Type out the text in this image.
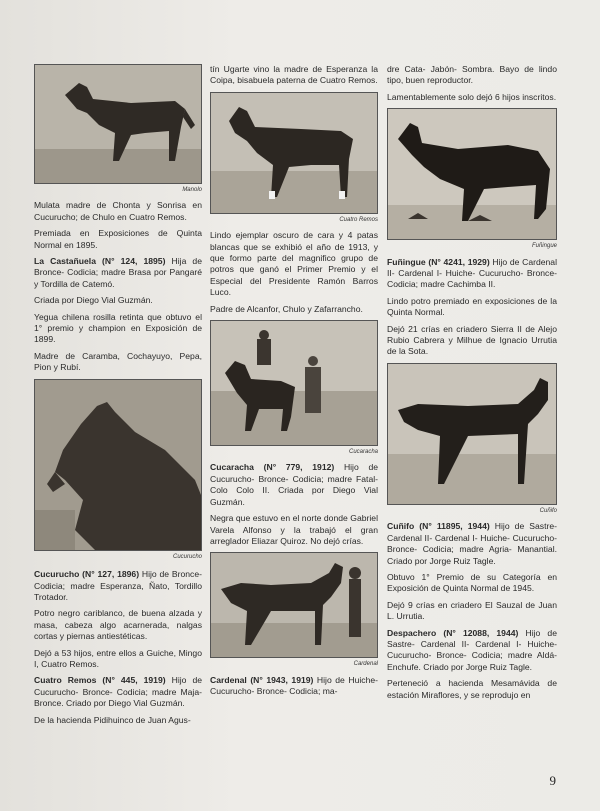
Manolo

Mulata madre de Chonta y Sonrisa en Cucurucho; de Chulo en Cuatro Remos.

Premiada en Exposiciones de Quinta Normal en 1895.

La Castañuela (N° 124, 1895) Hija de Bronce- Codicia; madre Brasa por Pangaré y Tordilla de Catemó.

Criada por Diego Vial Guzmán.

Yegua chilena rosilla retinta que obtuvo el 1° premio y champion en Exposición de 1899.

Madre de Caramba, Cochayuyo, Pepa, Pion y Rubí.

Cucurucho

Cucurucho (N° 127, 1896) Hijo de Bronce- Codicia; madre Esperanza, Ñato, Tordillo Trotador.

Potro negro cariblanco, de buena alzada y masa, cabeza algo acarnerada, nalgas cortas y piernas antiestéticas.

Dejó a 53 hijos, entre ellos a Guiche, Mingo I, Cuatro Remos.

Cuatro Remos (N° 445, 1919) Hijo de Cucurucho- Bronce- Codicia; madre Maja- Bronce. Criado por Diego Vial Guzmán.

De la hacienda Pidihuinco de Juan Agus-

tín Ugarte vino la madre de Esperanza la Coipa, bisabuela paterna de Cuatro Remos.

Cuatro Remos

Lindo ejemplar oscuro de cara y 4 patas blancas que se exhibió el año de 1913, y que formo parte del magnifico grupo de potros que ganó el Primer Premio y el Especial del Presidente Ramón Barros Luco.

Padre de Alcanfor, Chulo y Zafarrancho.

Cucaracha

Cucaracha (N° 779, 1912) Hijo de Cucurucho- Bronce- Codicia; madre Fatal- Colo Colo II. Criada por Diego Vial Guzmán.

Negra que estuvo en el norte donde Gabriel Varela Alfonso y la trabajó el gran arreglador Eliazar Quiroz. No dejó crías.

Cardenal

Cardenal (N° 1943, 1919) Hijo de Huiche- Cucurucho- Bronce- Codicia; ma-

dre Cata- Jabón- Sombra. Bayo de lindo tipo, buen reproductor.

Lamentablemente solo dejó 6 hijos inscritos.

Fuñingue

Fuñingue (N° 4241, 1929) Hijo de Cardenal II- Cardenal I- Huiche- Cucurucho- Bronce- Codicia; madre Cachimba II.

Lindo potro premiado en exposiciones de la Quinta Normal.

Dejó 21 crías en criadero Sierra II de Alejo Rubio Cabrera y Milhue de Ignacio Urrutia de la Sota.

Cuñifo

Cuñifo (N° 11895, 1944) Hijo de Sastre- Cardenal II- Cardenal I- Huiche- Cucurucho- Bronce- Codicia; madre Agria- Manantial. Criado por Jorge Ruiz Tagle.

Obtuvo 1° Premio de su Categoría en Exposición de Quinta Normal de 1945.

Dejó 9 crías en criadero El Sauzal de Juan L. Urrutia.

Despachero (N° 12088, 1944) Hijo de Sastre- Cardenal II- Cardenal I- Huiche- Cucurucho- Bronce- Codicia; madre Aldá- Enchufe. Criado por Jorge Ruiz Tagle.

Perteneció a hacienda Mesamávida de estación Miraflores, y se reprodujo en

9
